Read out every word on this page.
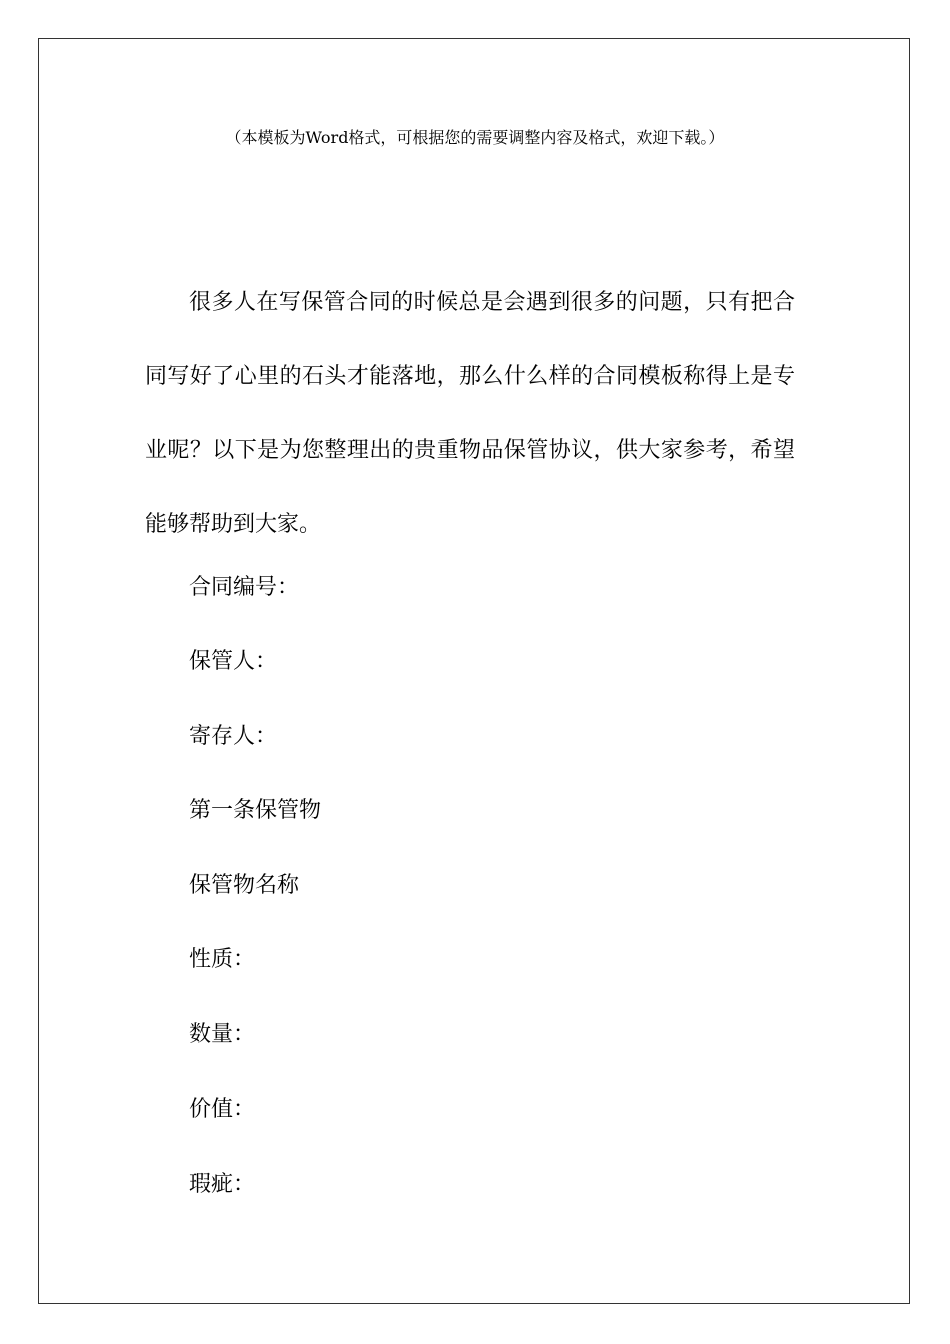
（本模板为Word格式，可根据您的需要调整内容及格式，欢迎下载。）

很多人在写保管合同的时候总是会遇到很多的问题，只有把合同写好了心里的石头才能落地，那么什么样的合同模板称得上是专业呢？以下是为您整理出的贵重物品保管协议，供大家参考，希望能够帮助到大家。

合同编号：

保管人：

寄存人：

第一条保管物

保管物名称

性质：

数量：

价值：

瑕疵：
